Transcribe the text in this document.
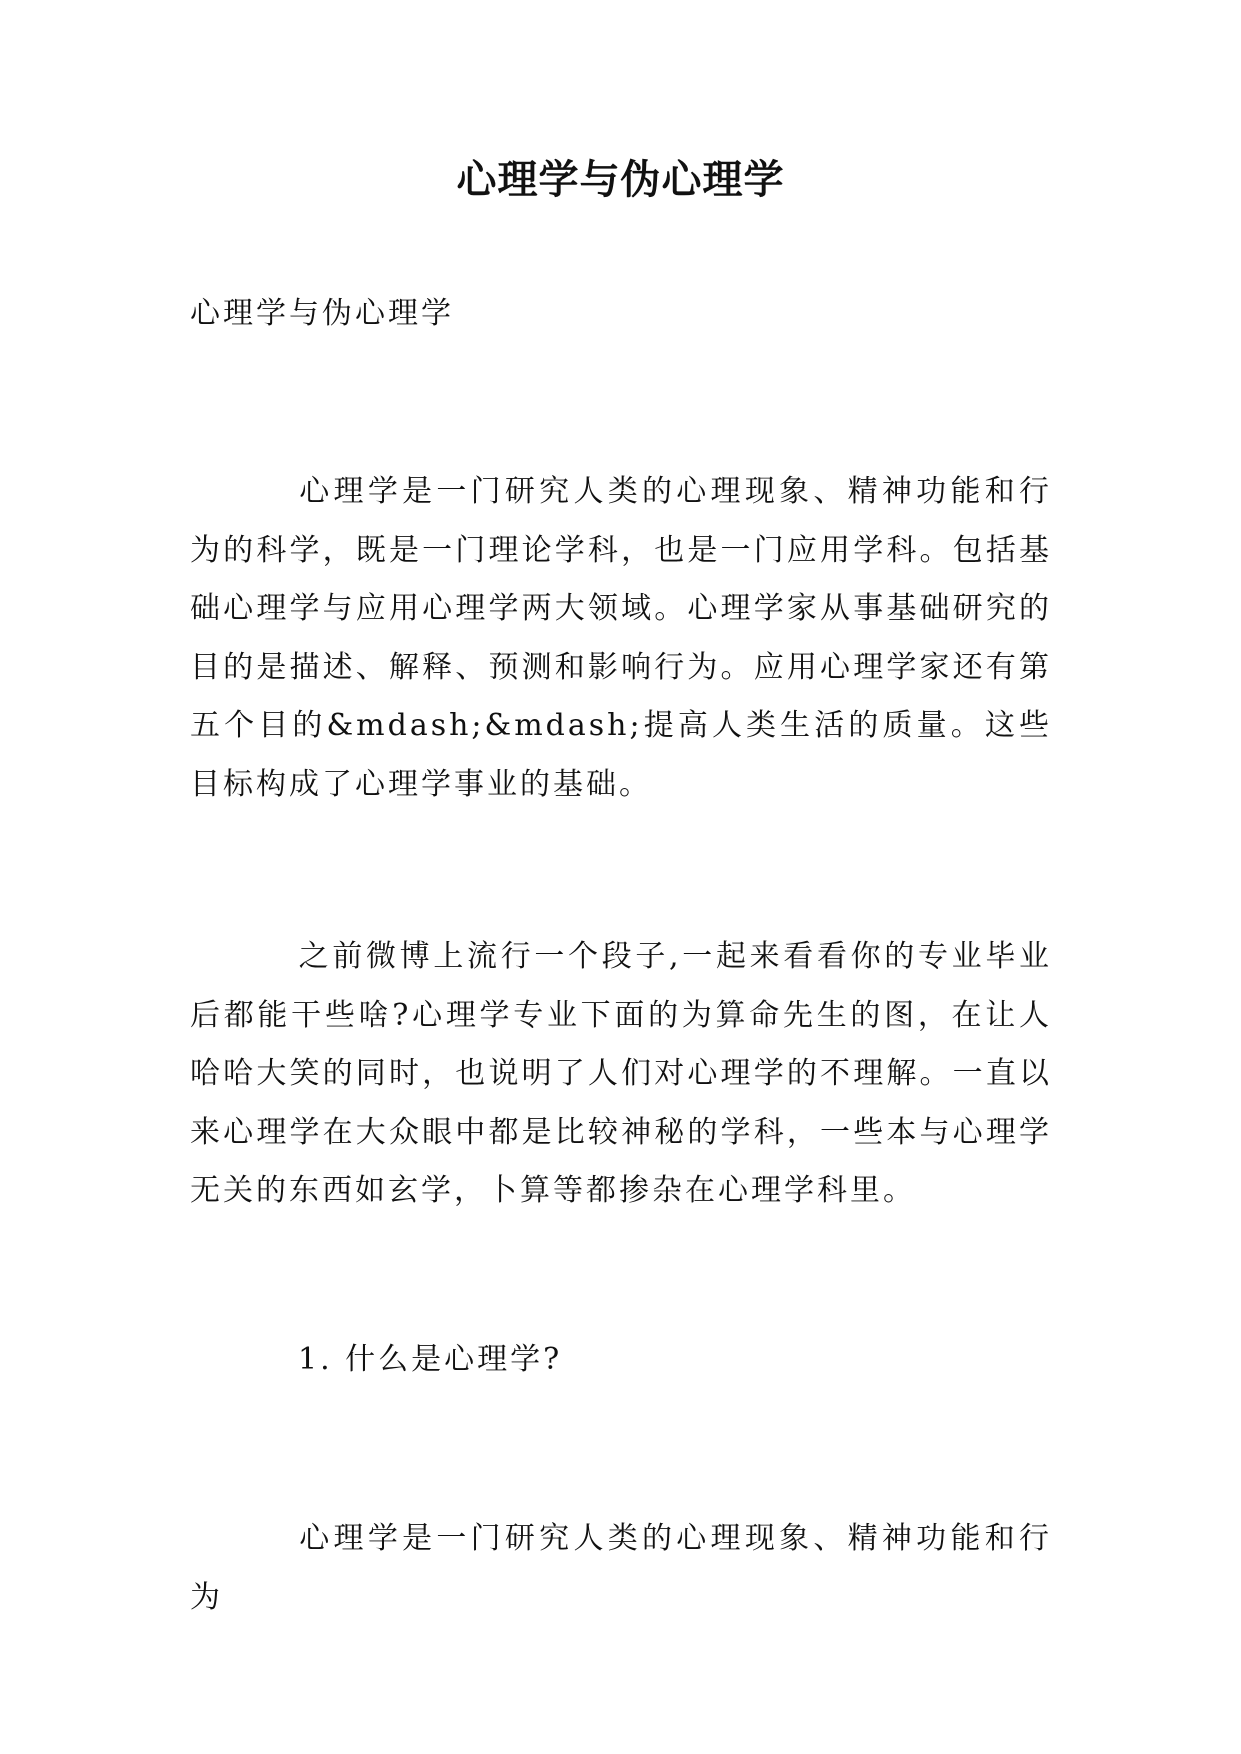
心理学与伪心理学

心理学与伪心理学

心理学是一门研究人类的心理现象、精神功能和行为的科学，既是一门理论学科，也是一门应用学科。包括基础心理学与应用心理学两大领域。心理学家从事基础研究的目的是描述、解释、预测和影响行为。应用心理学家还有第五个目的&mdash;&mdash;提高人类生活的质量。这些目标构成了心理学事业的基础。

之前微博上流行一个段子,一起来看看你的专业毕业后都能干些啥?心理学专业下面的为算命先生的图，在让人哈哈大笑的同时，也说明了人们对心理学的不理解。一直以来心理学在大众眼中都是比较神秘的学科，一些本与心理学无关的东西如玄学，卜算等都掺杂在心理学科里。

1. 什么是心理学?

心理学是一门研究人类的心理现象、精神功能和行为
